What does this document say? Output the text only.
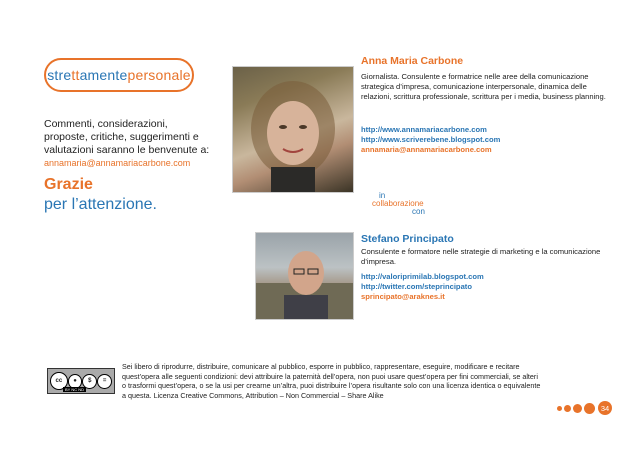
stre tt amente personale
Commenti, considerazioni, proposte, critiche, suggerimenti e valutazioni saranno le benvenute a:
annamaria@annamariacarbone.com
Grazie
per l’attenzione.
Anna Maria Carbone
Giornalista. Consulente e formatrice nelle aree della comunicazione strategica d’impresa, comunicazione interpersonale, dinamica delle relazioni, scrittura professionale, scrittura per i media, business planning.
http://www.annamariacarbone.com
http://www.scriverebene.blogspot.com
annamaria@annamariacarbone.com
in
collaborazione
con
Stefano Principato
Consulente e formatore nelle strategie di marketing e la comunicazione d’impresa.
http://valoriprimilab.blogspot.com
http://twitter.com/steprincipato
sprincipato@araknes.it
cc	●	$	=
BY NC ND
Sei libero di riprodurre, distribuire, comunicare al pubblico, esporre in pubblico, rappresentare, eseguire, modificare e recitare quest’opera alle seguenti condizioni: devi attribuire la paternità dell’opera, non puoi usare quest’opera per fini commerciali, se alteri o trasformi quest’opera, o se la usi per crearne un’altra, puoi distribuire l’opera risultante solo con una licenza identica o equivalente a questa. Licenza Creative Commons, Attribution – Non Commercial – Share Alike
34
